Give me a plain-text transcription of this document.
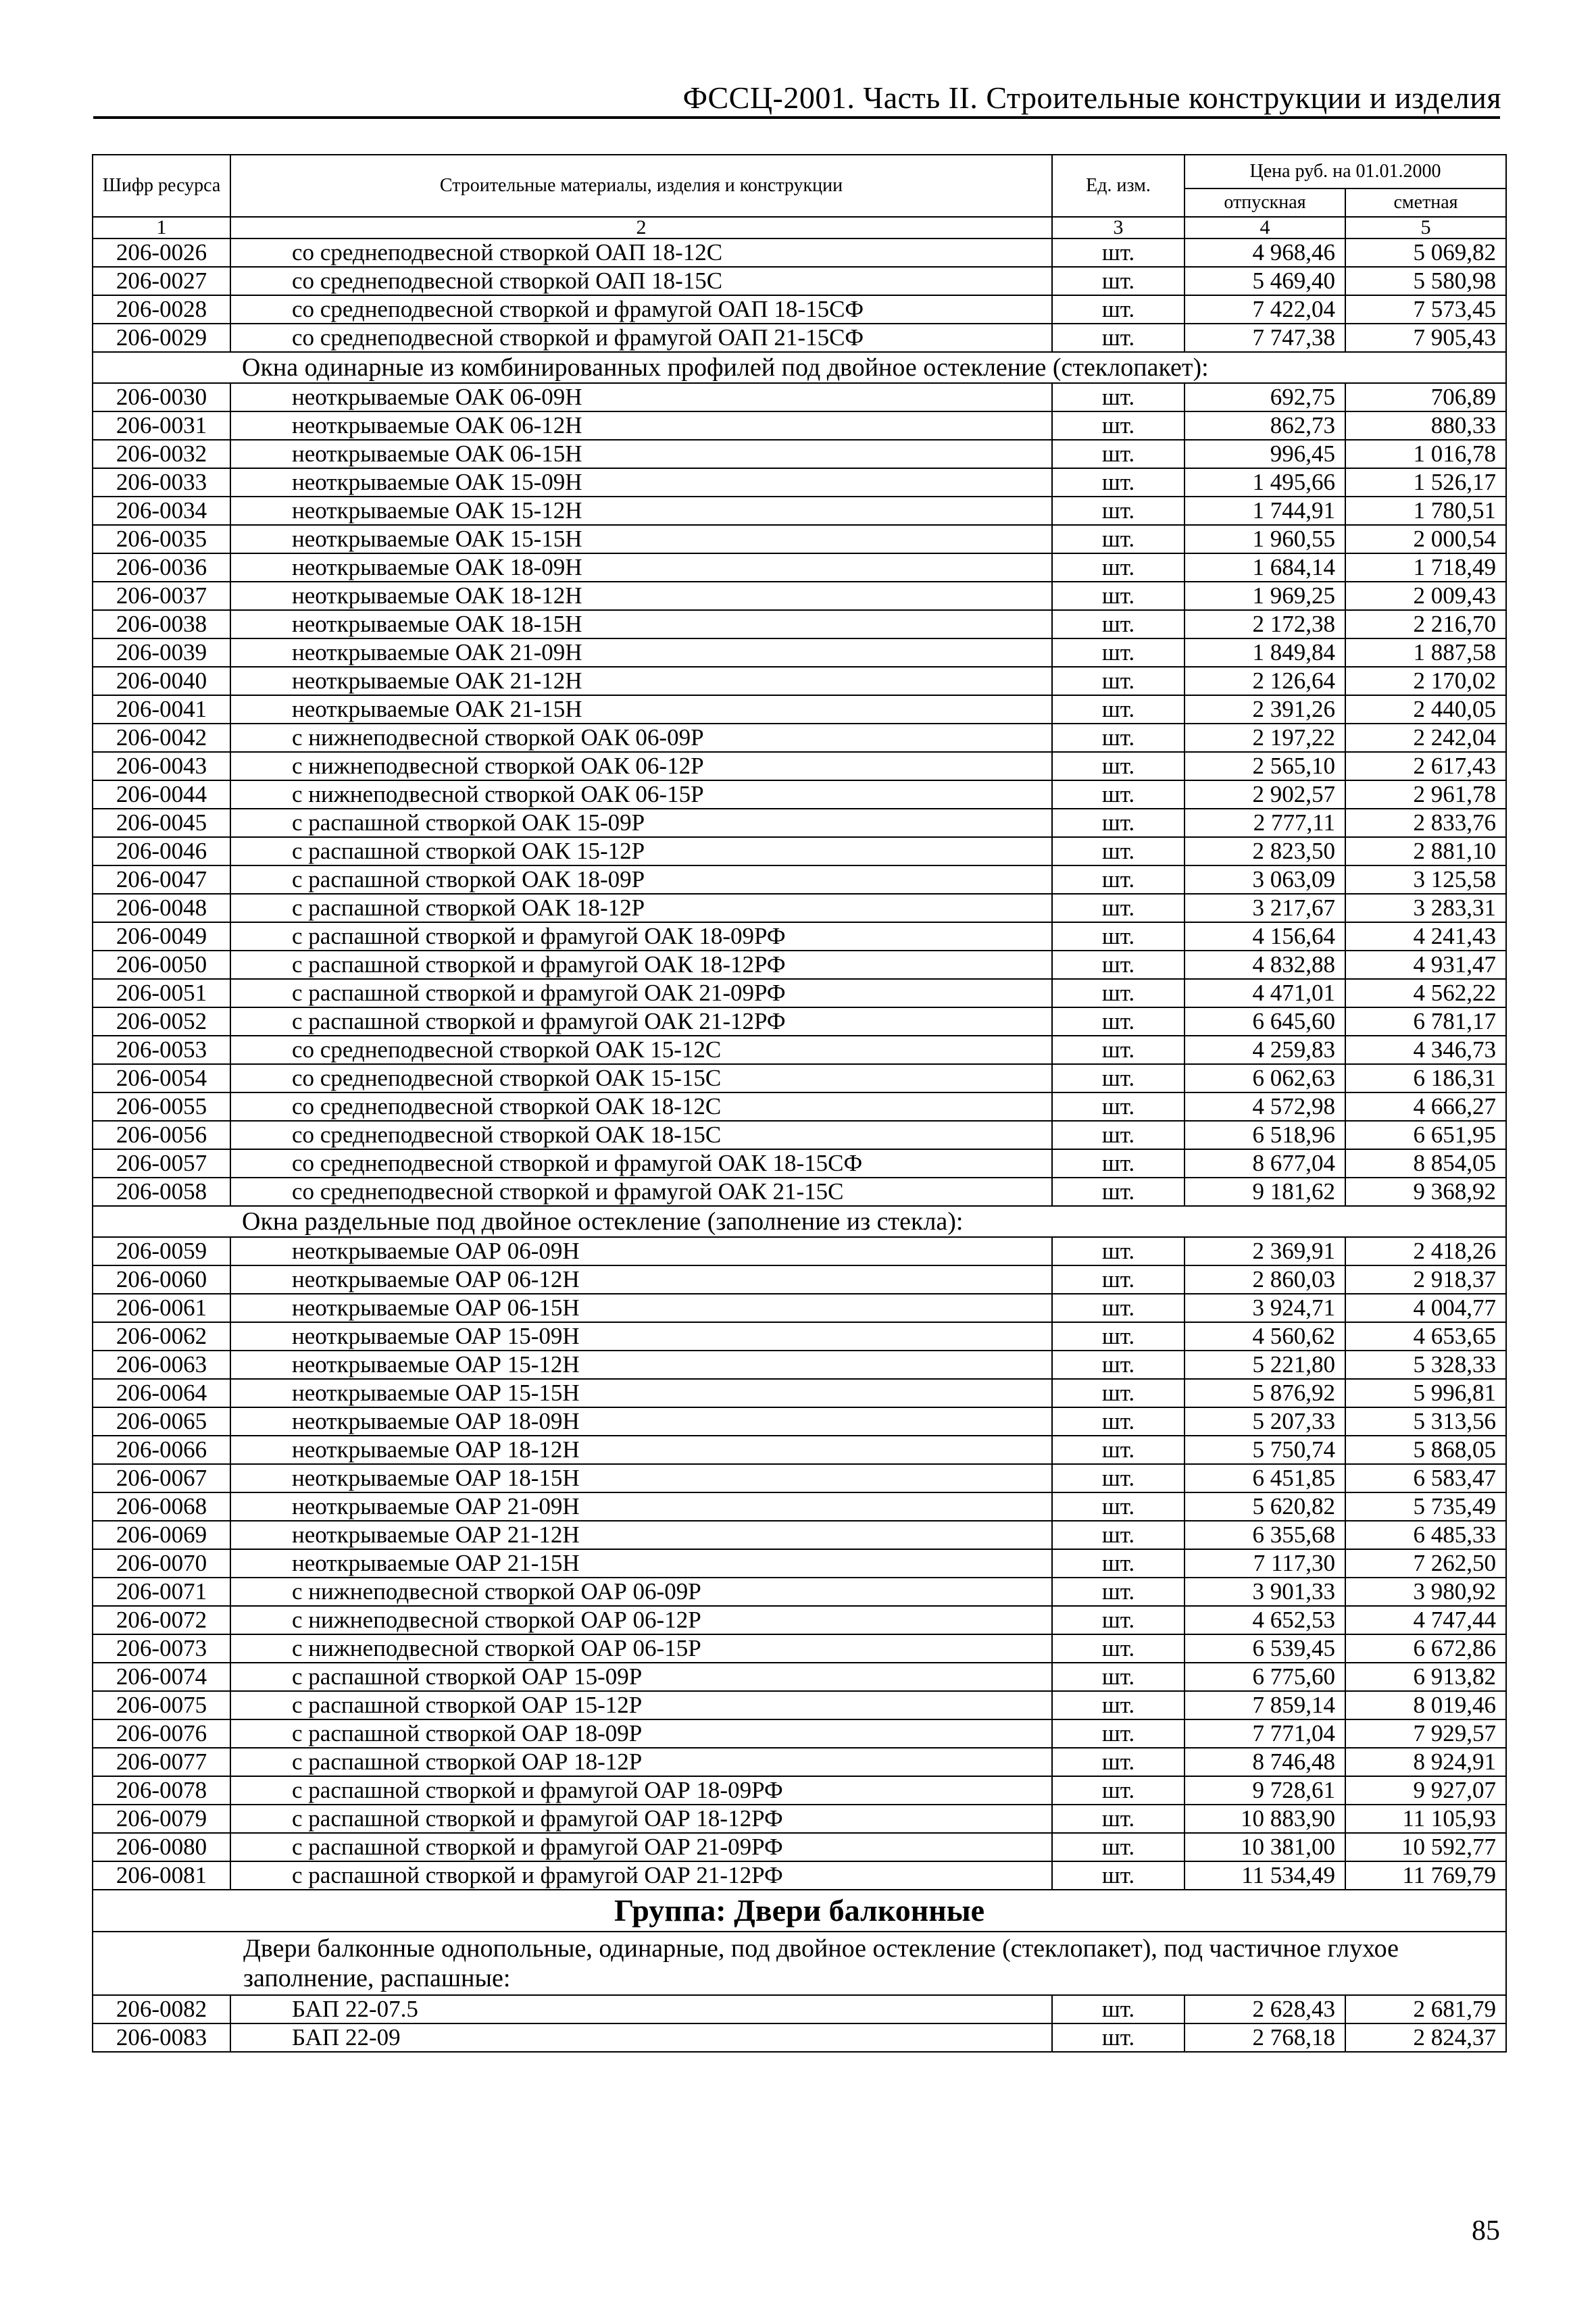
ФССЦ-2001. Часть II. Строительные конструкции и изделия
Шифр ресурса	Строительные материалы, изделия и конструкции	Ед. изм.	Цена руб. на 01.01.2000	
			отпускная	сметная
1	2	3	4	5
206-0026	со среднеподвесной створкой ОАП 18-12С	шт.	4 968,46	5 069,82
206-0027	со среднеподвесной створкой ОАП 18-15С	шт.	5 469,40	5 580,98
206-0028	со среднеподвесной створкой и фрамугой ОАП 18-15СФ	шт.	7 422,04	7 573,45
206-0029	со среднеподвесной створкой и фрамугой ОАП 21-15СФ	шт.	7 747,38	7 905,43
Окна одинарные из комбинированных профилей под двойное остекление (стеклопакет):				
206-0030	неоткрываемые ОАК 06-09Н	шт.	692,75	706,89
206-0031	неоткрываемые ОАК 06-12Н	шт.	862,73	880,33
206-0032	неоткрываемые ОАК 06-15Н	шт.	996,45	1 016,78
206-0033	неоткрываемые ОАК 15-09Н	шт.	1 495,66	1 526,17
206-0034	неоткрываемые ОАК 15-12Н	шт.	1 744,91	1 780,51
206-0035	неоткрываемые ОАК 15-15Н	шт.	1 960,55	2 000,54
206-0036	неоткрываемые ОАК 18-09Н	шт.	1 684,14	1 718,49
206-0037	неоткрываемые ОАК 18-12Н	шт.	1 969,25	2 009,43
206-0038	неоткрываемые ОАК 18-15Н	шт.	2 172,38	2 216,70
206-0039	неоткрываемые ОАК 21-09Н	шт.	1 849,84	1 887,58
206-0040	неоткрываемые ОАК 21-12Н	шт.	2 126,64	2 170,02
206-0041	неоткрываемые ОАК 21-15Н	шт.	2 391,26	2 440,05
206-0042	с нижнеподвесной створкой ОАК 06-09Р	шт.	2 197,22	2 242,04
206-0043	с нижнеподвесной створкой ОАК 06-12Р	шт.	2 565,10	2 617,43
206-0044	с нижнеподвесной створкой ОАК 06-15Р	шт.	2 902,57	2 961,78
206-0045	с распашной створкой ОАК 15-09Р	шт.	2 777,11	2 833,76
206-0046	с распашной створкой ОАК 15-12Р	шт.	2 823,50	2 881,10
206-0047	с распашной створкой ОАК 18-09Р	шт.	3 063,09	3 125,58
206-0048	с распашной створкой ОАК 18-12Р	шт.	3 217,67	3 283,31
206-0049	с распашной створкой и фрамугой ОАК 18-09РФ	шт.	4 156,64	4 241,43
206-0050	с распашной створкой и фрамугой ОАК 18-12РФ	шт.	4 832,88	4 931,47
206-0051	с распашной створкой и фрамугой ОАК 21-09РФ	шт.	4 471,01	4 562,22
206-0052	с распашной створкой и фрамугой ОАК 21-12РФ	шт.	6 645,60	6 781,17
206-0053	со среднеподвесной створкой ОАК 15-12С	шт.	4 259,83	4 346,73
206-0054	со среднеподвесной створкой ОАК 15-15С	шт.	6 062,63	6 186,31
206-0055	со среднеподвесной створкой ОАК 18-12С	шт.	4 572,98	4 666,27
206-0056	со среднеподвесной створкой ОАК 18-15С	шт.	6 518,96	6 651,95
206-0057	со среднеподвесной створкой и фрамугой ОАК 18-15СФ	шт.	8 677,04	8 854,05
206-0058	со среднеподвесной створкой и фрамугой ОАК 21-15С	шт.	9 181,62	9 368,92
Окна раздельные под двойное остекление (заполнение из стекла):				
206-0059	неоткрываемые ОАР 06-09Н	шт.	2 369,91	2 418,26
206-0060	неоткрываемые ОАР 06-12Н	шт.	2 860,03	2 918,37
206-0061	неоткрываемые ОАР 06-15Н	шт.	3 924,71	4 004,77
206-0062	неоткрываемые ОАР 15-09Н	шт.	4 560,62	4 653,65
206-0063	неоткрываемые ОАР 15-12Н	шт.	5 221,80	5 328,33
206-0064	неоткрываемые ОАР 15-15Н	шт.	5 876,92	5 996,81
206-0065	неоткрываемые ОАР 18-09Н	шт.	5 207,33	5 313,56
206-0066	неоткрываемые ОАР 18-12Н	шт.	5 750,74	5 868,05
206-0067	неоткрываемые ОАР 18-15Н	шт.	6 451,85	6 583,47
206-0068	неоткрываемые ОАР 21-09Н	шт.	5 620,82	5 735,49
206-0069	неоткрываемые ОАР 21-12Н	шт.	6 355,68	6 485,33
206-0070	неоткрываемые ОАР 21-15Н	шт.	7 117,30	7 262,50
206-0071	с нижнеподвесной створкой ОАР 06-09Р	шт.	3 901,33	3 980,92
206-0072	с нижнеподвесной створкой ОАР 06-12Р	шт.	4 652,53	4 747,44
206-0073	с нижнеподвесной створкой ОАР 06-15Р	шт.	6 539,45	6 672,86
206-0074	с распашной створкой ОАР 15-09Р	шт.	6 775,60	6 913,82
206-0075	с распашной створкой ОАР 15-12Р	шт.	7 859,14	8 019,46
206-0076	с распашной створкой ОАР 18-09Р	шт.	7 771,04	7 929,57
206-0077	с распашной створкой ОАР 18-12Р	шт.	8 746,48	8 924,91
206-0078	с распашной створкой и фрамугой ОАР 18-09РФ	шт.	9 728,61	9 927,07
206-0079	с распашной створкой и фрамугой ОАР 18-12РФ	шт.	10 883,90	11 105,93
206-0080	с распашной створкой и фрамугой ОАР 21-09РФ	шт.	10 381,00	10 592,77
206-0081	с распашной створкой и фрамугой ОАР 21-12РФ	шт.	11 534,49	11 769,79
Группа: Двери балконные				
Двери балконные однопольные, одинарные, под двойное остекление (стеклопакет), под частичное глухое заполнение, распашные:				
206-0082	БАП 22-07.5	шт.	2 628,43	2 681,79
206-0083	БАП 22-09	шт.	2 768,18	2 824,37
85
